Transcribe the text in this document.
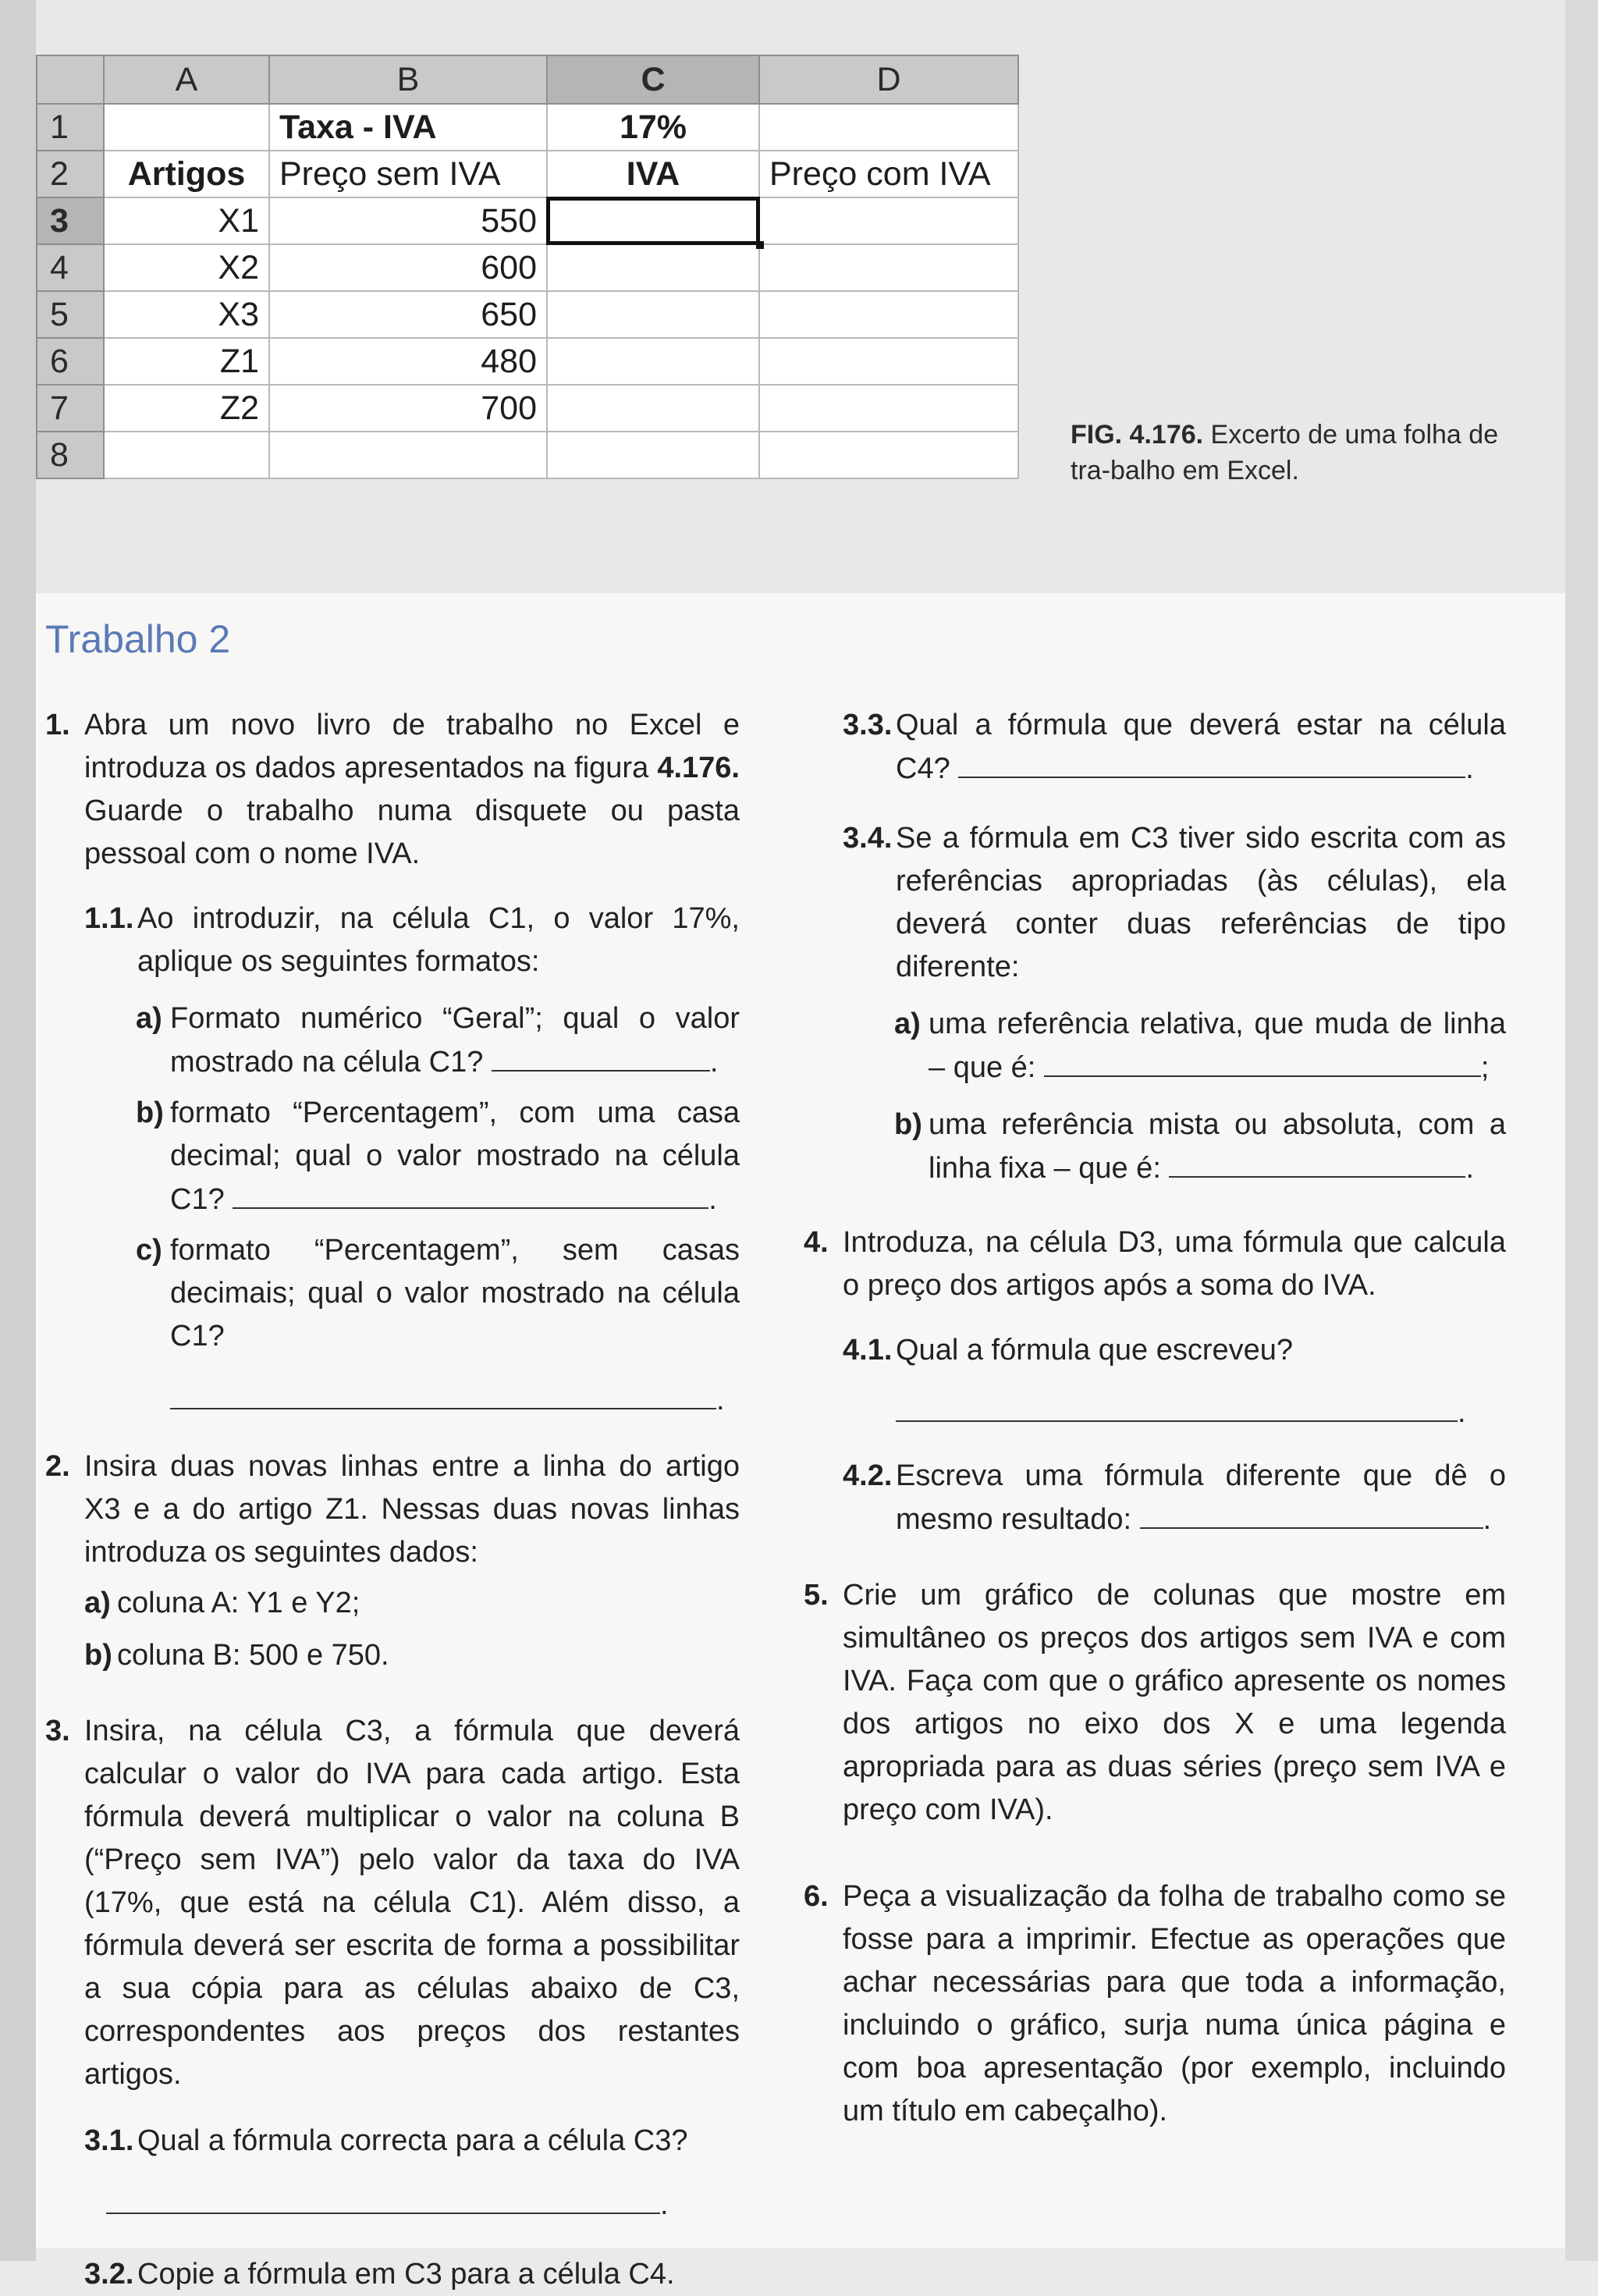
	A	B	C	D
1		Taxa - IVA	17%	
2	Artigos	Preço sem IVA	IVA	Preço com IVA
3	X1	550		
4	X2	600		
5	X3	650		
6	Z1	480		
7	Z2	700		
8				
FIG. 4.176. Excerto de uma folha de tra-balho em Excel.
Trabalho 2
1. Abra um novo livro de trabalho no Excel e introduza os dados apresentados na figura 4.176. Guarde o trabalho numa disquete ou pasta pessoal com o nome IVA.
1.1. Ao introduzir, na célula C1, o valor 17%, aplique os seguintes formatos:
a) Formato numérico “Geral”; qual o valor mostrado na célula C1?	.
b) formato “Percentagem”, com uma casa decimal; qual o valor mostrado na célula C1?	.
c) formato “Percentagem”, sem casas decimais; qual o valor mostrado na célula C1?
.
2. Insira duas novas linhas entre a linha do artigo X3 e a do artigo Z1. Nessas duas novas linhas introduza os seguintes dados:
a) coluna A: Y1 e Y2;
b) coluna B: 500 e 750.
3. Insira, na célula C3, a fórmula que deverá calcular o valor do IVA para cada artigo. Esta fórmula deverá multiplicar o valor na coluna B (“Preço sem IVA”) pelo valor da taxa do IVA (17%, que está na célula C1). Além disso, a fórmula deverá ser escrita de forma a possibilitar a sua cópia para as células abaixo de C3, correspondentes aos preços dos restantes artigos.
3.1. Qual a fórmula correcta para a célula C3?
.
3.2. Copie a fórmula em C3 para a célula C4.
3.3. Qual a fórmula que deverá estar na célula C4?	.
3.4. Se a fórmula em C3 tiver sido escrita com as referências apropriadas (às células), ela deverá conter duas referências de tipo diferente:
a) uma referência relativa, que muda de linha – que é:	;
b) uma referência mista ou absoluta, com a linha fixa – que é:	.
4. Introduza, na célula D3, uma fórmula que calcula o preço dos artigos após a soma do IVA.
4.1. Qual a fórmula que escreveu?
.
4.2. Escreva uma fórmula diferente que dê o mesmo resultado:	.
5. Crie um gráfico de colunas que mostre em simultâneo os preços dos artigos sem IVA e com IVA. Faça com que o gráfico apresente os nomes dos artigos no eixo dos X e uma legenda apropriada para as duas séries (preço sem IVA e preço com IVA).
6. Peça a visualização da folha de trabalho como se fosse para a imprimir. Efectue as operações que achar necessárias para que toda a informação, incluindo o gráfico, surja numa única página e com boa apresentação (por exemplo, incluindo um título em cabeçalho).
